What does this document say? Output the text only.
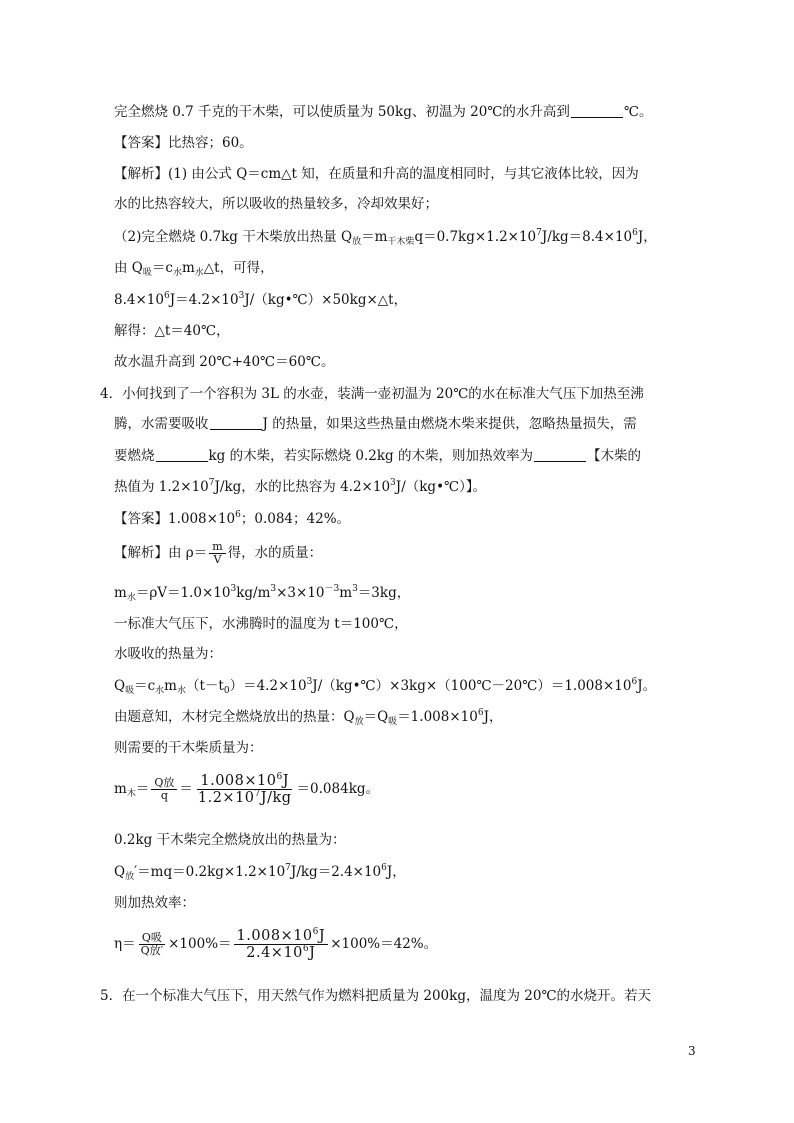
完全燃烧 0.7 千克的干木柴，可以使质量为 50kg、初温为 20℃的水升高到	℃。
【答案】比热容；60。
【解析】(1) 由公式 Q＝cm△t 知，在质量和升高的温度相同时，与其它液体比较，因为
水的比热容较大，所以吸收的热量较多，冷却效果好；
（2)完全燃烧 0.7kg 干木柴放出热量 $Q_放=m_{干木柴}q=0.7kg\times 1.2\times 10^7J/kg=8.4\times 10^6J$，
由 $Q_吸=c_水m_水\triangle t$，可得，
$8.4\times 10^6J=4.2\times 10^3J/(kg•℃)\times 50kg\times\triangle t$，
解得：△t＝40℃，
故水温升高到 20℃+40℃＝60℃。
4．小何找到了一个容积为 3L 的水壶，装满一壶初温为 20℃的水在标准大气压下加热至沸
腾，水需要吸收	J 的热量，如果这些热量由燃烧木柴来提供，忽略热量损失，需
要燃烧	kg 的木柴，若实际燃烧 0.2kg 的木柴，则加热效率为	【木柴的
热值为 $1.2\times 10^7J/kg$，水的比热容为 $4.2\times 10^3J/(kg•℃)$】。
【答案】$1.008\times 10^6$；0.084；42%。
【解析】由 $\rho= \frac{m}{V}$ 得，水的质量：
$m_水=\rho V=1.0\times 10^3kg/m^3\times 3\times 10^{-3}m^3=3kg$，
一标准大气压下，水沸腾时的温度为 t＝100℃，
水吸收的热量为：
$Q_吸=c_水m_水(t-t_0)=4.2\times 10^3J/(kg•℃)\times 3kg\times(100℃-20℃)=1.008\times 10^6J$。
由题意知，木材完全燃烧放出的热量：$Q_放=Q_吸=1.008\times 10^6J$，
则需要的干木柴质量为：
$m_木= \frac{\text{Q放}}{q} = \frac{1.008\times 10^6J}{1.2\times 10^7J/kg} =0.084kg$。
0.2kg 干木柴完全燃烧放出的热量为：
$Q_放'=mq=0.2kg\times 1.2\times 10^7J/kg=2.4\times 10^6J$，
则加热效率：
$\eta= \frac{\text{Q吸}}{\text{Q放′}} \times 100\%= \frac{1.008\times 10^6J}{2.4\times 10^6J} \times 100\%=42\%$。
5．在一个标准大气压下，用天然气作为燃料把质量为 200kg，温度为 20℃的水烧开。若天
3
